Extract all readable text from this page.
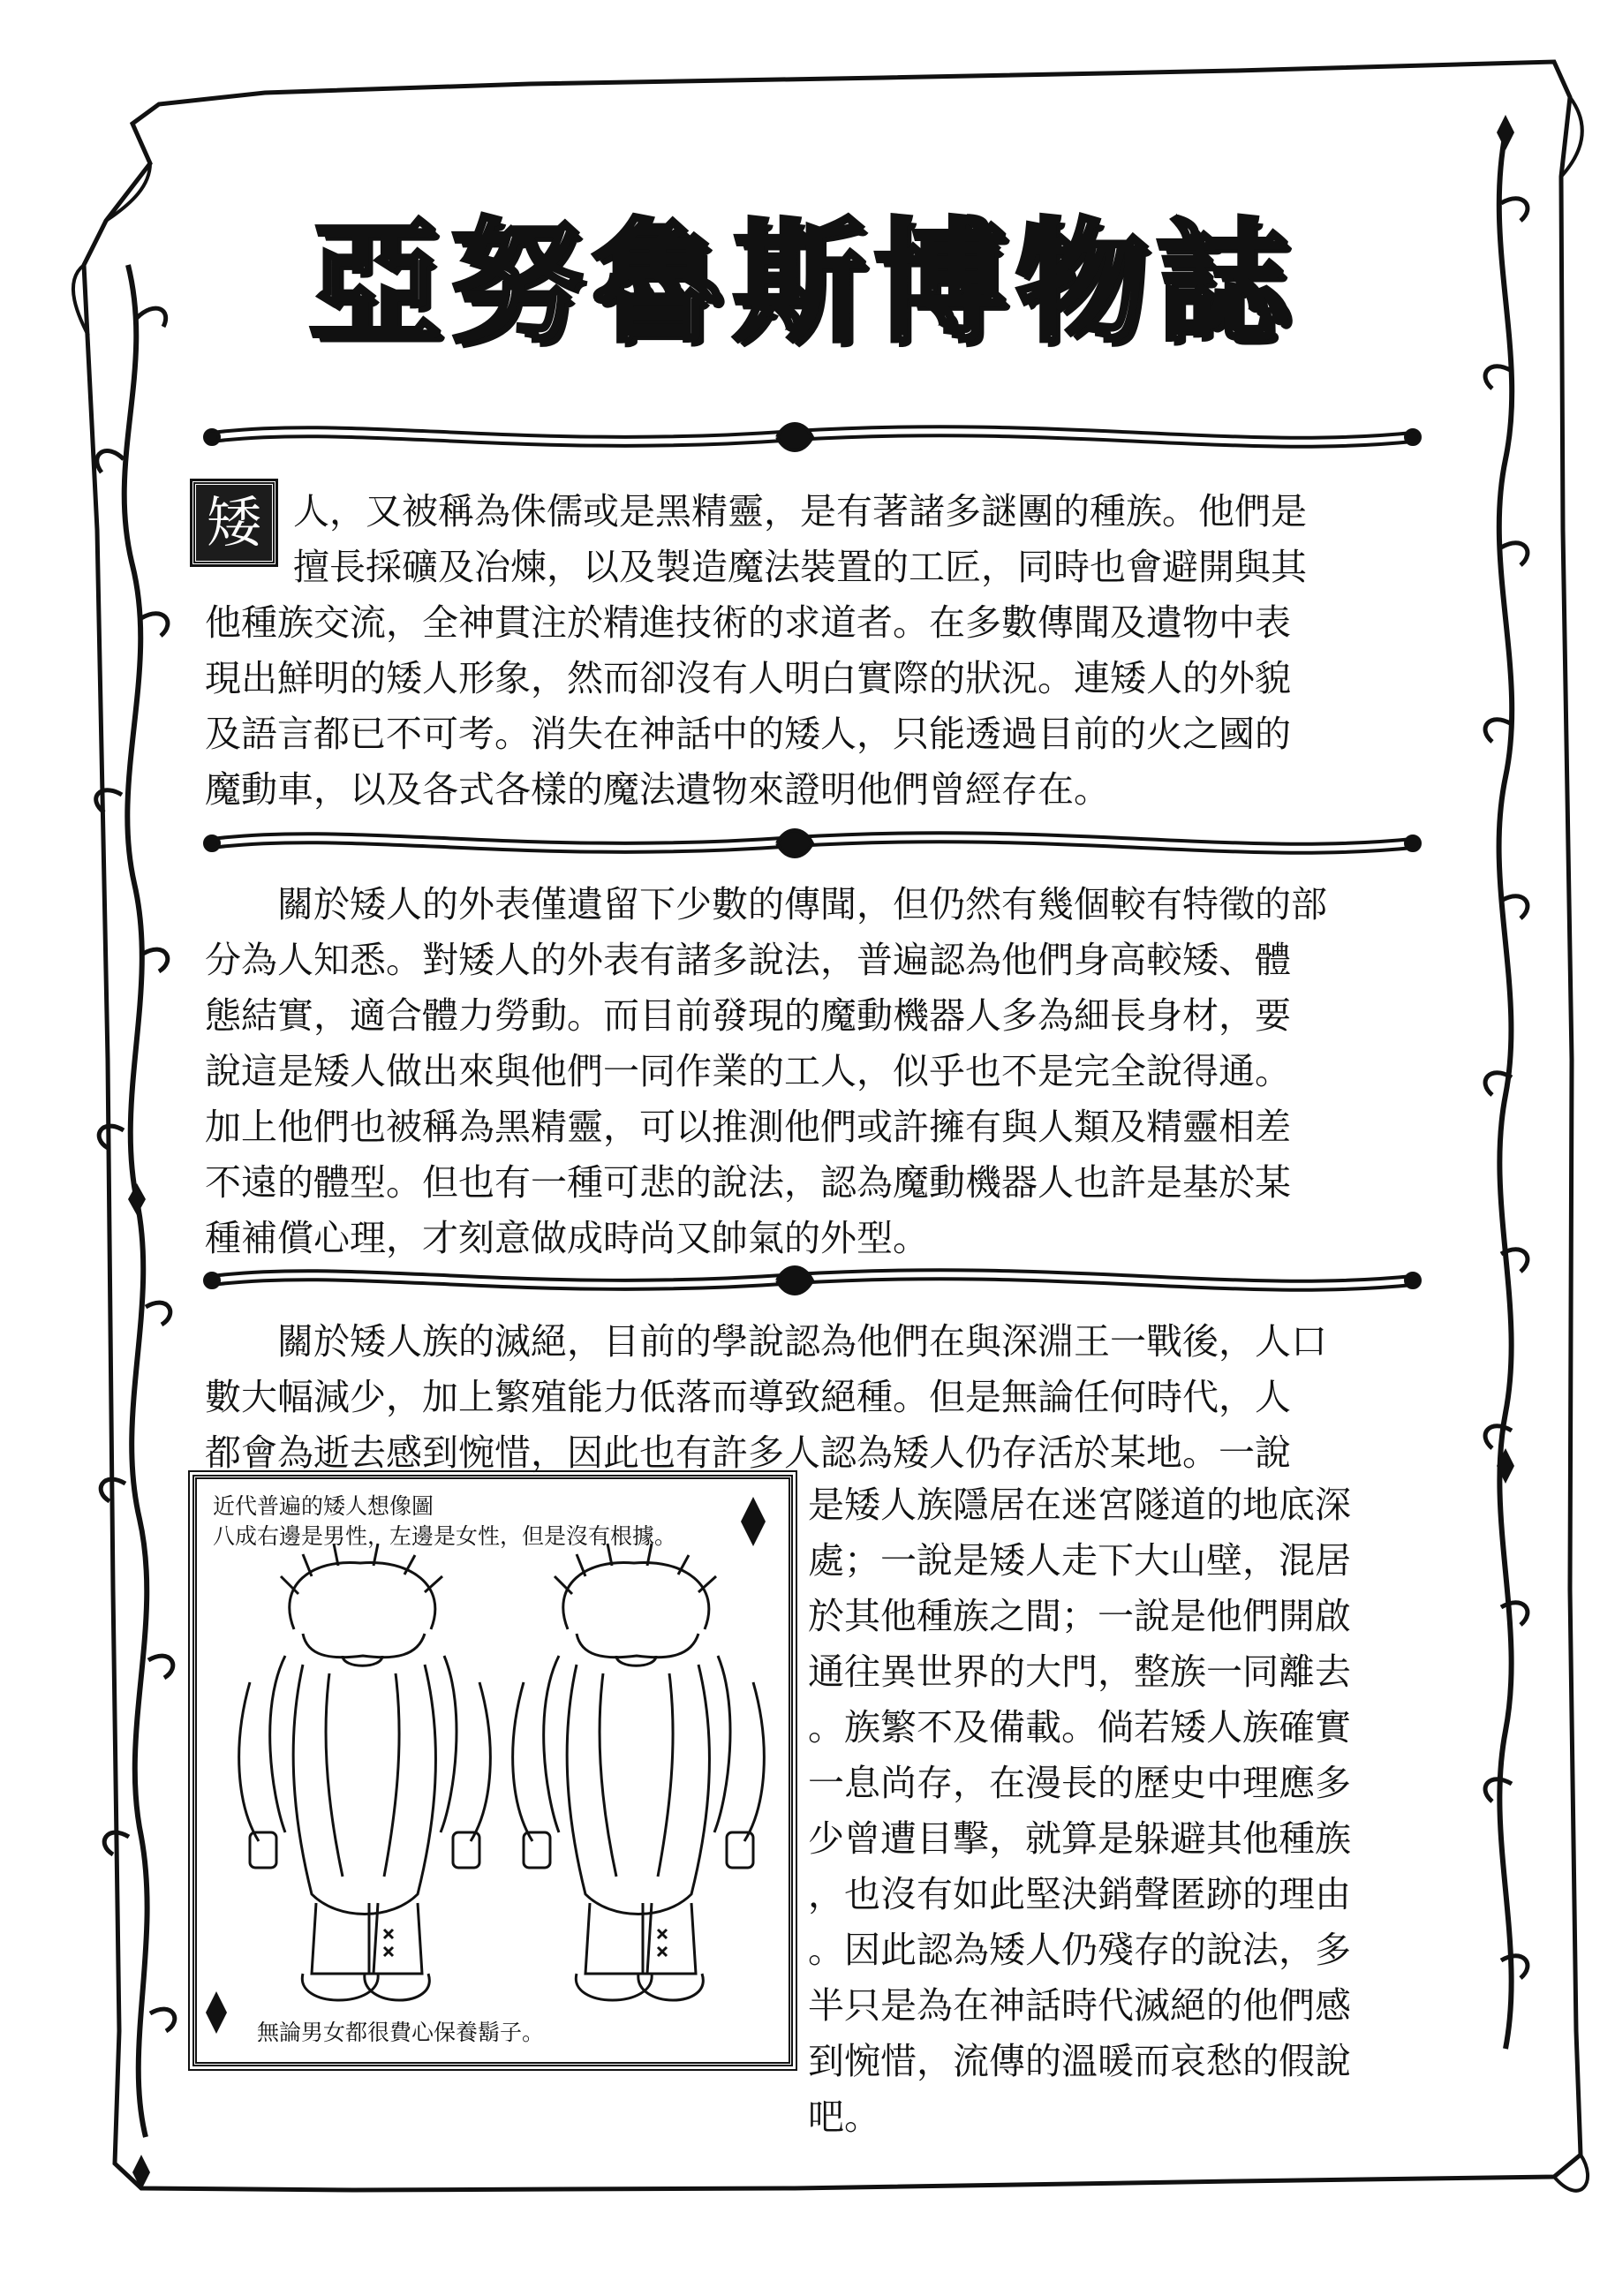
亞努魯斯博物誌
矮 人，又被稱為侏儒或是黑精靈，是有著諸多謎團的種族。他們是
擅長採礦及冶煉，以及製造魔法裝置的工匠，同時也會避開與其
他種族交流，全神貫注於精進技術的求道者。在多數傳聞及遺物中表
現出鮮明的矮人形象，然而卻沒有人明白實際的狀況。連矮人的外貌
及語言都已不可考。消失在神話中的矮人，只能透過目前的火之國的
魔動車，以及各式各樣的魔法遺物來證明他們曾經存在。

關於矮人的外表僅遺留下少數的傳聞，但仍然有幾個較有特徵的部
分為人知悉。對矮人的外表有諸多說法，普遍認為他們身高較矮、體
態結實，適合體力勞動。而目前發現的魔動機器人多為細長身材，要
說這是矮人做出來與他們一同作業的工人，似乎也不是完全說得通。
加上他們也被稱為黑精靈，可以推測他們或許擁有與人類及精靈相差
不遠的體型。但也有一種可悲的說法，認為魔動機器人也許是基於某
種補償心理，才刻意做成時尚又帥氣的外型。

關於矮人族的滅絕，目前的學說認為他們在與深淵王一戰後，人口
數大幅減少，加上繁殖能力低落而導致絕種。但是無論任何時代，人
都會為逝去感到惋惜，因此也有許多人認為矮人仍存活於某地。一說

是矮人族隱居在迷宮隧道的地底深
處；一說是矮人走下大山壁，混居
於其他種族之間；一說是他們開啟
通往異世界的大門，整族一同離去
。族繁不及備載。倘若矮人族確實
一息尚存，在漫長的歷史中理應多
少曾遭目擊，就算是躲避其他種族
，也沒有如此堅決銷聲匿跡的理由
。因此認為矮人仍殘存的說法，多
半只是為在神話時代滅絕的他們感
到惋惜，流傳的溫暖而哀愁的假說
吧。

近代普遍的矮人想像圖
八成右邊是男性，左邊是女性，但是沒有根據。
無論男女都很費心保養鬍子。
